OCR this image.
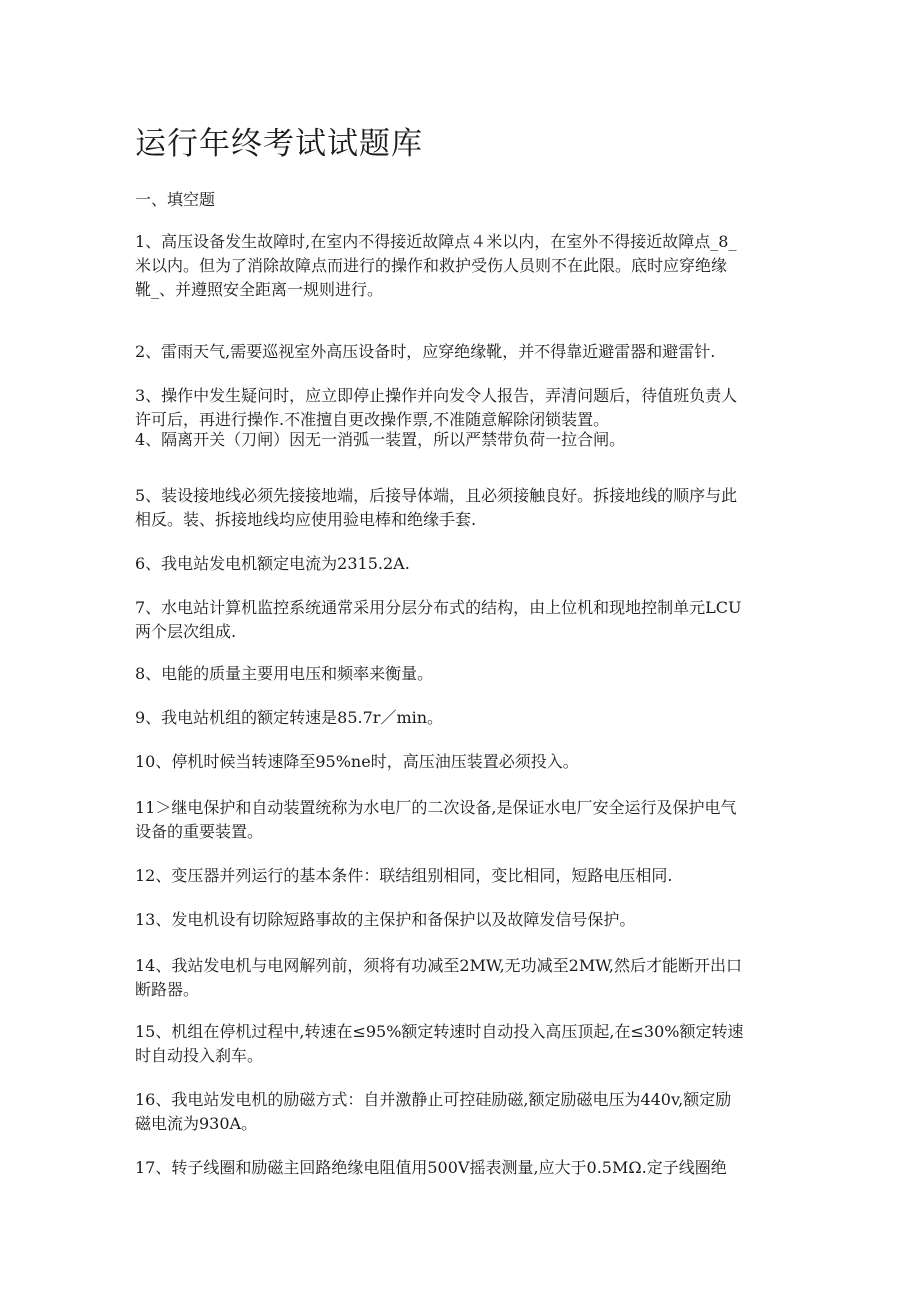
运行年终考试试题库
一、填空题

1、高压设备发生故障时,在室内不得接近故障点４米以内，在室外不得接近故障点_8_
米以内。但为了消除故障点而进行的操作和救护受伤人员则不在此限。底时应穿绝缘
靴_、并遵照安全距离一规则进行。

2、雷雨天气,需要巡视室外高压设备时，应穿绝缘靴，并不得靠近避雷器和避雷针.

3、操作中发生疑问时，应立即停止操作并向发令人报告，弄清问题后，待值班负责人
许可后，再进行操作.不准擅自更改操作票,不准随意解除闭锁装置。

4、隔离开关（刀闸）因无一消弧一装置，所以严禁带负荷一拉合闸。

5、装设接地线必须先接接地端，后接导体端，且必须接触良好。拆接地线的顺序与此
相反。装、拆接地线均应使用验电棒和绝缘手套.

6、我电站发电机额定电流为2315.2A.

7、水电站计算机监控系统通常采用分层分布式的结构，由上位机和现地控制单元LCU
两个层次组成.

8、电能的质量主要用电压和频率来衡量。

9、我电站机组的额定转速是85.7r／min。

10、停机时候当转速降至95%ne时，高压油压装置必须投入。

11＞继电保护和自动装置统称为水电厂的二次设备,是保证水电厂安全运行及保护电气
设备的重要装置。

12、变压器并列运行的基本条件：联结组别相同，变比相同，短路电压相同.

13、发电机设有切除短路事故的主保护和备保护以及故障发信号保护。

14、我站发电机与电网解列前，须将有功减至2MW,无功减至2MW,然后才能断开出口
断路器。

15、机组在停机过程中,转速在≤95%额定转速时自动投入高压顶起,在≤30%额定转速
时自动投入刹车。

16、我电站发电机的励磁方式：自并激静止可控硅励磁,额定励磁电压为440v,额定励
磁电流为930A。

17、转子线圈和励磁主回路绝缘电阻值用500V摇表测量,应大于0.5MΩ.定子线圈绝
